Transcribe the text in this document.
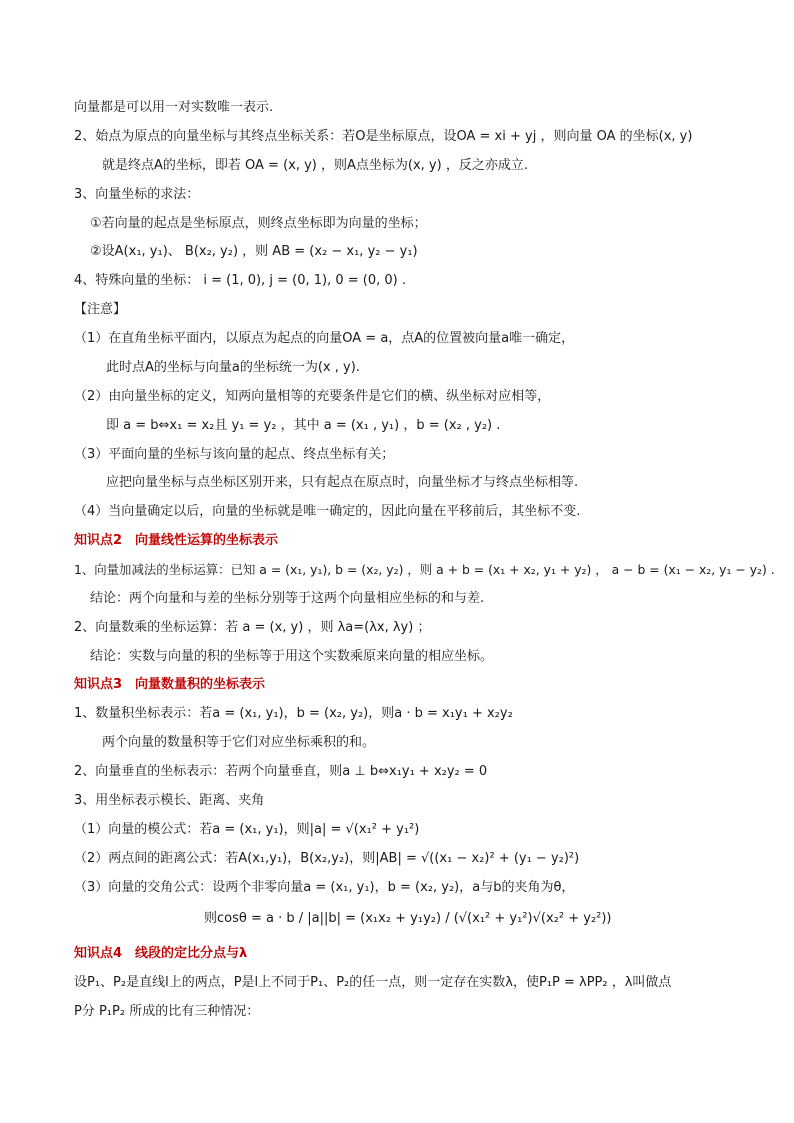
向量都是可以用一对实数唯一表示.
2、始点为原点的向量坐标与其终点坐标关系：若O是坐标原点，设OA = xi + yj ，则向量 OA 的坐标(x, y)
就是终点A的坐标，即若 OA = (x, y) ，则A点坐标为(x, y) ，反之亦成立.
3、向量坐标的求法：
①若向量的起点是坐标原点，则终点坐标即为向量的坐标；
②设A(x₁, y₁)、 B(x₂, y₂) ，则 AB = (x₂ − x₁, y₂ − y₁)
4、特殊向量的坐标： i = (1, 0), j = (0, 1), 0 = (0, 0) .
【注意】
（1）在直角坐标平面内，以原点为起点的向量OA = a，点A的位置被向量a唯一确定，
此时点A的坐标与向量a的坐标统一为(x , y).
（2）由向量坐标的定义，知两向量相等的充要条件是它们的横、纵坐标对应相等，
即 a = b⇔x₁ = x₂且 y₁ = y₂ ，其中 a = (x₁ , y₁) ，b = (x₂ , y₂) .
（3）平面向量的坐标与该向量的起点、终点坐标有关；
应把向量坐标与点坐标区别开来，只有起点在原点时，向量坐标才与终点坐标相等.
（4）当向量确定以后，向量的坐标就是唯一确定的，因此向量在平移前后，其坐标不变.
知识点2　向量线性运算的坐标表示
1、向量加减法的坐标运算：已知 a = (x₁, y₁), b = (x₂, y₂) ，则 a + b = (x₁ + x₂, y₁ + y₂) ， a − b = (x₁ − x₂, y₁ − y₂) .
结论：两个向量和与差的坐标分别等于这两个向量相应坐标的和与差.
2、向量数乘的坐标运算：若 a = (x, y) ，则 λa=(λx, λy) ；
结论：实数与向量的积的坐标等于用这个实数乘原来向量的相应坐标。
知识点3　向量数量积的坐标表示
1、数量积坐标表示：若a = (x₁, y₁)，b = (x₂, y₂)，则a · b = x₁y₁ + x₂y₂
两个向量的数量积等于它们对应坐标乘积的和。
2、向量垂直的坐标表示：若两个向量垂直，则a ⊥ b⇔x₁y₁ + x₂y₂ = 0
3、用坐标表示模长、距离、夹角
（1）向量的模公式：若a = (x₁, y₁)，则|a| = √(x₁² + y₁²)
（2）两点间的距离公式：若A(x₁,y₁)，B(x₂,y₂)，则|AB| = √((x₁ − x₂)² + (y₁ − y₂)²)
（3）向量的交角公式：设两个非零向量a = (x₁, y₁)，b = (x₂, y₂)，a与b的夹角为θ，
则cosθ = a · b / |a||b| = (x₁x₂ + y₁y₂) / (√(x₁² + y₁²)√(x₂² + y₂²))
知识点4　线段的定比分点与λ
设P₁、P₂是直线l上的两点，P是l上不同于P₁、P₂的任一点，则一定存在实数λ，使P₁P = λPP₂ ，λ叫做点
P分 P₁P₂ 所成的比有三种情况：
